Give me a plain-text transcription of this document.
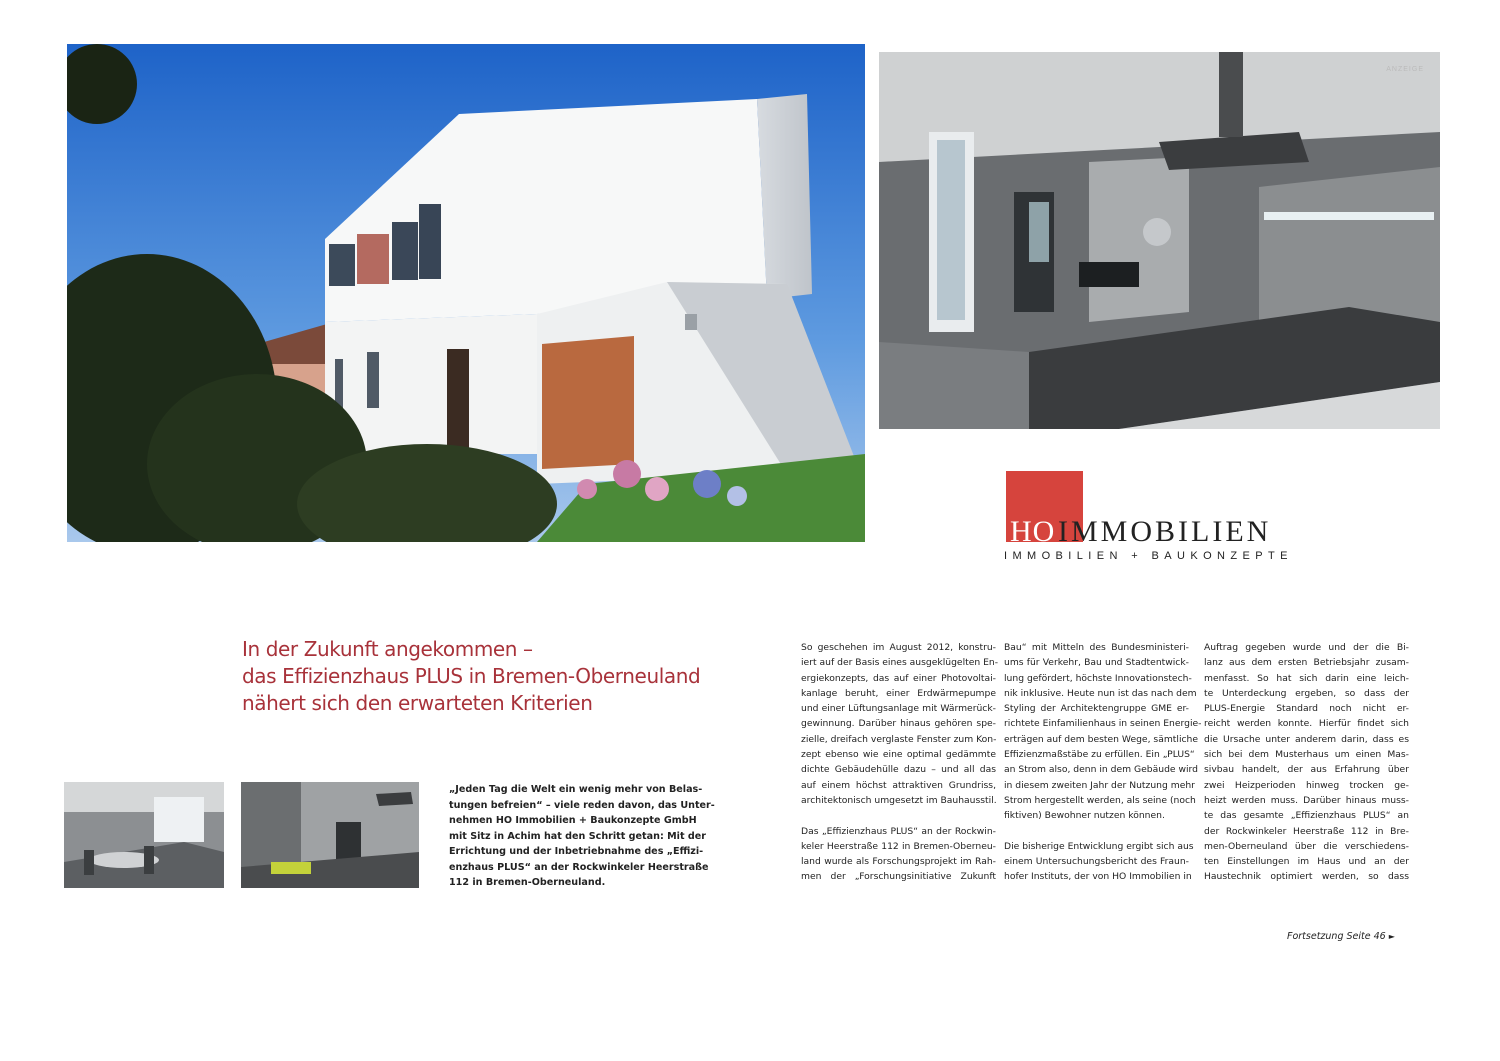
ANZEIGE
HO IMMOBILIEN
IMMOBILIEN + BAUKONZEPTE
In der Zukunft angekommen –
das Effizienzhaus PLUS in Bremen-Oberneuland
nähert sich den erwarteten Kriterien
„Jeden Tag die Welt ein wenig mehr von Belas-
tungen befreien“ – viele reden davon, das Unter-
nehmen HO Immobilien + Baukonzepte GmbH
mit Sitz in Achim hat den Schritt getan: Mit der
Errichtung und der Inbetriebnahme des „Effizi-
enzhaus PLUS“ an der Rockwinkeler Heerstraße
112 in Bremen-Oberneuland.
So geschehen im August 2012, konstru-
iert auf der Basis eines ausgeklügelten En-
ergiekonzepts, das auf einer Photovoltai-
kanlage beruht, einer Erdwärmepumpe
und einer Lüftungsanlage mit Wärmerück-
gewinnung. Darüber hinaus gehören spe-
zielle, dreifach verglaste Fenster zum Kon-
zept ebenso wie eine optimal gedämmte
dichte Gebäudehülle dazu – und all das
auf einem höchst attraktiven Grundriss,
architektonisch umgesetzt im Bauhausstil.
Das „Effizienzhaus PLUS“ an der Rockwin-
keler Heerstraße 112 in Bremen-Oberneu-
land wurde als Forschungsprojekt im Rah-
men der „Forschungsinitiative Zukunft
Bau“ mit Mitteln des Bundesministeri-
ums für Verkehr, Bau und Stadtentwick-
lung gefördert, höchste Innovationstech-
nik inklusive. Heute nun ist das nach dem
Styling der Architektengruppe GME er-
richtete Einfamilienhaus in seinen Energie-
erträgen auf dem besten Wege, sämtliche
Effizienzmaßstäbe zu erfüllen. Ein „PLUS“
an Strom also, denn in dem Gebäude wird
in diesem zweiten Jahr der Nutzung mehr
Strom hergestellt werden, als seine (noch
fiktiven) Bewohner nutzen können.
Die bisherige Entwicklung ergibt sich aus
einem Untersuchungsbericht des Fraun-
hofer Instituts, der von HO Immobilien in
Auftrag gegeben wurde und der die Bi-
lanz aus dem ersten Betriebsjahr zusam-
menfasst. So hat sich darin eine leich-
te Unterdeckung ergeben, so dass der
PLUS-Energie Standard noch nicht er-
reicht werden konnte. Hierfür findet sich
die Ursache unter anderem darin, dass es
sich bei dem Musterhaus um einen Mas-
sivbau handelt, der aus Erfahrung über
zwei Heizperioden hinweg trocken ge-
heizt werden muss. Darüber hinaus muss-
te das gesamte „Effizienzhaus PLUS“ an
der Rockwinkeler Heerstraße 112 in Bre-
men-Oberneuland über die verschiedens-
ten Einstellungen im Haus und an der
Haustechnik optimiert werden, so dass
Fortsetzung Seite 46 ►
